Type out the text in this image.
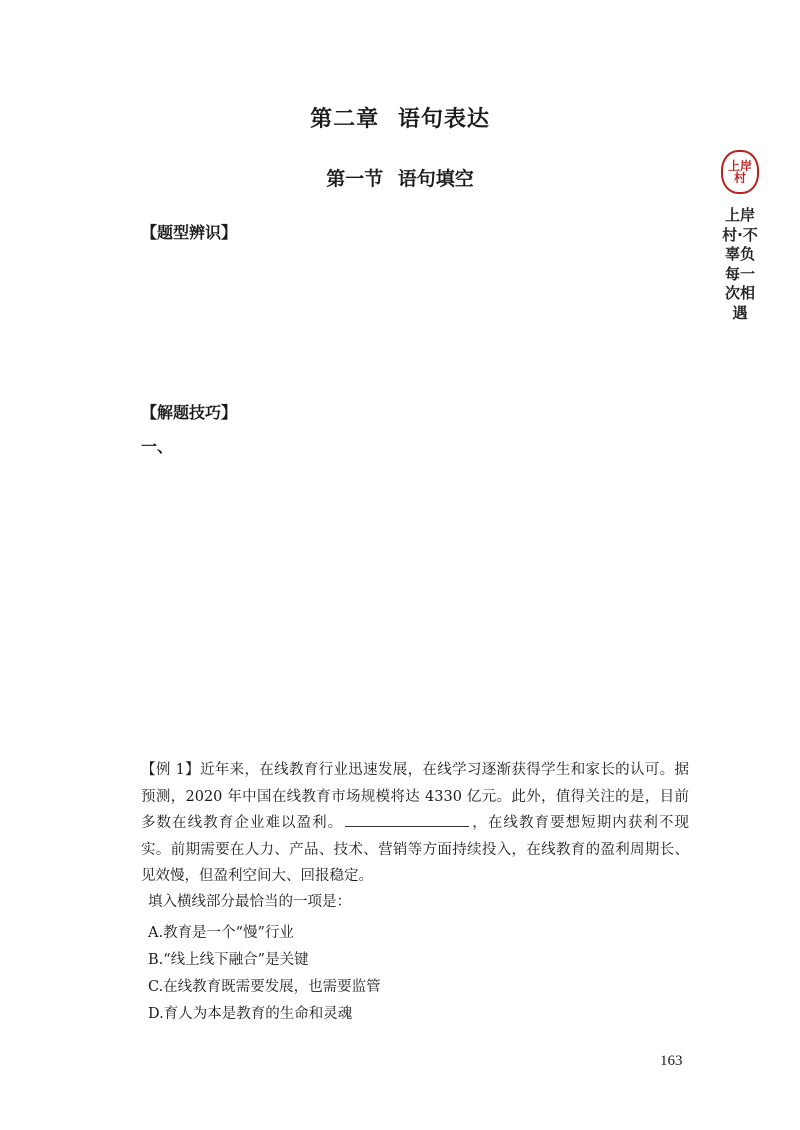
第二章 语句表达
第一节 语句填空
【题型辨识】
【解题技巧】
一、
【例 1】近年来，在线教育行业迅速发展，在线学习逐渐获得学生和家长的认可。据预测，2020 年中国在线教育市场规模将达 4330 亿元。此外，值得关注的是，目前多数在线教育企业难以盈利。	，在线教育要想短期内获利不现实。前期需要在人力、产品、技术、营销等方面持续投入，在线教育的盈利周期长、见效慢，但盈利空间大、回报稳定。
填入横线部分最恰当的一项是：
A.教育是一个“慢”行业
B.“线上线下融合”是关键
C.在线教育既需要发展，也需要监管
D.育人为本是教育的生命和灵魂
163
上岸村
上岸村·不辜负每一次相遇
